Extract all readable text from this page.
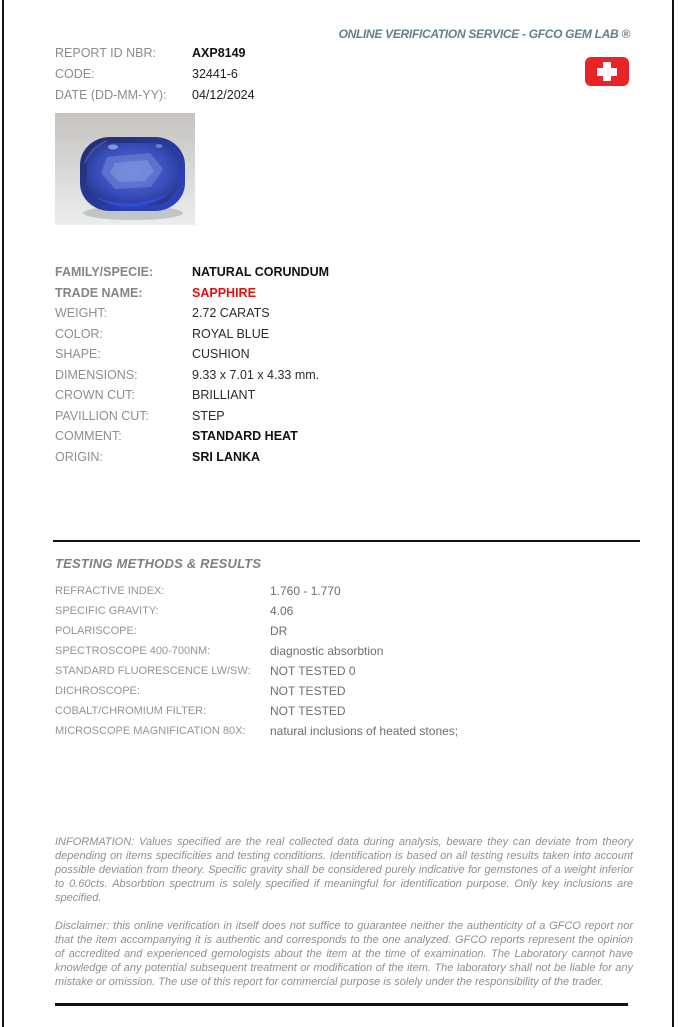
ONLINE VERIFICATION SERVICE - GFCO GEM LAB ®
REPORT ID NBR:	AXP8149
CODE:	32441-6
DATE (DD-MM-YY):	04/12/2024
FAMILY/SPECIE:	NATURAL CORUNDUM
TRADE NAME:	SAPPHIRE
WEIGHT:	2.72 CARATS
COLOR:	ROYAL BLUE
SHAPE:	CUSHION
DIMENSIONS:	9.33 x 7.01 x 4.33 mm.
CROWN CUT:	BRILLIANT
PAVILLION CUT:	STEP
COMMENT:	STANDARD HEAT
ORIGIN:	SRI LANKA
TESTING METHODS & RESULTS
REFRACTIVE INDEX:	1.760 - 1.770
SPECIFIC GRAVITY:	4.06
POLARISCOPE:	DR
SPECTROSCOPE 400-700NM:	diagnostic absorbtion
STANDARD FLUORESCENCE LW/SW:	NOT TESTED 0
DICHROSCOPE:	NOT TESTED
COBALT/CHROMIUM FILTER:	NOT TESTED
MICROSCOPE MAGNIFICATION 80X:	natural inclusions of heated stones;

INFORMATION: Values specified are the real collected data during analysis, beware they can deviate from theory depending on items specificities and testing conditions. Identification is based on all testing results taken into account possible deviation from theory. Specific gravity shall be considered purely indicative for gemstones of a weight inferior to 0.60cts. Absorbtion spectrum is solely specified if meaningful for identification purpose. Only key inclusions are specified.

Disclaimer: this online verification in itself does not suffice to guarantee neither the authenticity of a GFCO report nor that the item accompanying it is authentic and corresponds to the one analyzed. GFCO reports represent the opinion of accredited and experienced gemologists about the item at the time of examination. The Laboratory cannot have knowledge of any potential subsequent treatment or modification of the item. The laboratory shall not be liable for any mistake or omission. The use of this report for commercial purpose is solely under the responsibility of the trader.
